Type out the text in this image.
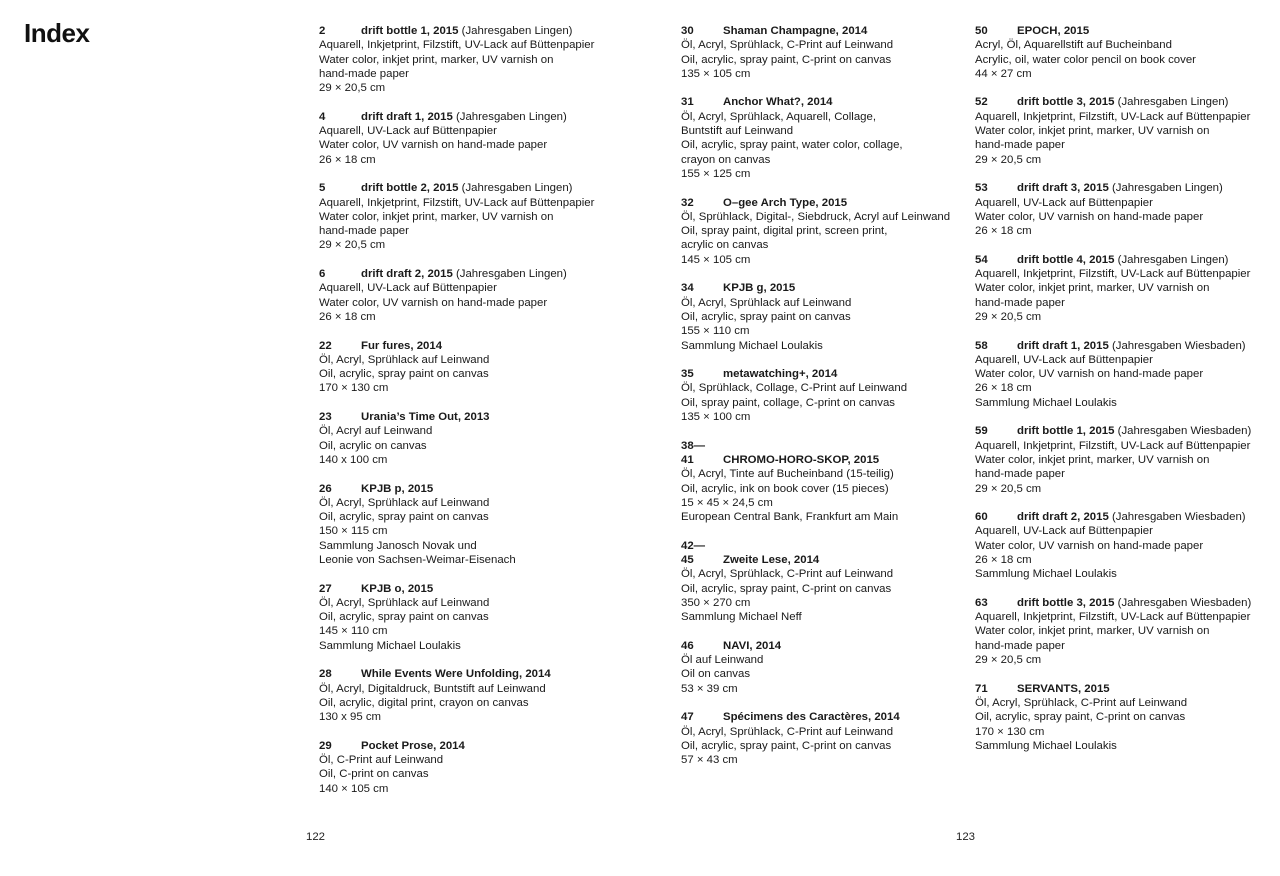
Index	2	drift bottle 1, 2015 (Jahresgaben Lingen)
Aquarell, Inkjetprint, Filzstift, UV-Lack auf Büttenpapier
Water color, inkjet print, marker, UV varnish on
hand-made paper
29 × 20,5 cm
4	drift draft 1, 2015 (Jahresgaben Lingen)
Aquarell, UV-Lack auf Büttenpapier
Water color, UV varnish on hand-made paper
26 × 18 cm
5	drift bottle 2, 2015 (Jahresgaben Lingen)
Aquarell, Inkjetprint, Filzstift, UV-Lack auf Büttenpapier
Water color, inkjet print, marker, UV varnish on
hand-made paper
29 × 20,5 cm
6	drift draft 2, 2015 (Jahresgaben Lingen)
Aquarell, UV-Lack auf Büttenpapier
Water color, UV varnish on hand-made paper
26 × 18 cm
22	Fur fures, 2014
Öl, Acryl, Sprühlack auf Leinwand
Oil, acrylic, spray paint on canvas
170 × 130 cm
23	Urania’s Time Out, 2013
Öl, Acryl auf Leinwand
Oil, acrylic on canvas
140 x 100 cm
26	KPJB p, 2015
Öl, Acryl, Sprühlack auf Leinwand
Oil, acrylic, spray paint on canvas
150 × 115 cm
Sammlung Janosch Novak und
Leonie von Sachsen-Weimar-Eisenach
27	KPJB o, 2015
Öl, Acryl, Sprühlack auf Leinwand
Oil, acrylic, spray paint on canvas
145 × 110 cm
Sammlung Michael Loulakis
28	While Events Were Unfolding, 2014
Öl, Acryl, Digitaldruck, Buntstift auf Leinwand
Oil, acrylic, digital print, crayon on canvas
130 x 95 cm
29	Pocket Prose, 2014
Öl, C-Print auf Leinwand
Oil, C-print on canvas
140 × 105 cm
30	Shaman Champagne, 2014
Öl, Acryl, Sprühlack, C-Print auf Leinwand
Oil, acrylic, spray paint, C-print on canvas
135 × 105 cm
31	Anchor What?, 2014
Öl, Acryl, Sprühlack, Aquarell, Collage,
Buntstift auf Leinwand
Oil, acrylic, spray paint, water color, collage,
crayon on canvas
155 × 125 cm
32	O–gee Arch Type, 2015
Öl, Sprühlack, Digital-, Siebdruck, Acryl auf Leinwand
Oil, spray paint, digital print, screen print,
acrylic on canvas
145 × 105 cm
34	KPJB g, 2015
Öl, Acryl, Sprühlack auf Leinwand
Oil, acrylic, spray paint on canvas
155 × 110 cm
Sammlung Michael Loulakis
35	metawatching+, 2014
Öl, Sprühlack, Collage, C-Print auf Leinwand
Oil, spray paint, collage, C-print on canvas
135 × 100 cm
38—
41	CHROMO-HORO-SKOP, 2015
Öl, Acryl, Tinte auf Bucheinband (15-teilig)
Oil, acrylic, ink on book cover (15 pieces)
15 × 45 × 24,5 cm
European Central Bank, Frankfurt am Main
42—
45	Zweite Lese, 2014
Öl, Acryl, Sprühlack, C-Print auf Leinwand
Oil, acrylic, spray paint, C-print on canvas
350 × 270 cm
Sammlung Michael Neff
46	NAVI, 2014
Öl auf Leinwand
Oil on canvas
53 × 39 cm
47	Spécimens des Caractères, 2014
Öl, Acryl, Sprühlack, C-Print auf Leinwand
Oil, acrylic, spray paint, C-print on canvas
57 × 43 cm
50	EPOCH, 2015
Acryl, Öl, Aquarellstift auf Bucheinband
Acrylic, oil, water color pencil on book cover
44 × 27 cm
52	drift bottle 3, 2015 (Jahresgaben Lingen)
Aquarell, Inkjetprint, Filzstift, UV-Lack auf Büttenpapier
Water color, inkjet print, marker, UV varnish on
hand-made paper
29 × 20,5 cm
53	drift draft 3, 2015 (Jahresgaben Lingen)
Aquarell, UV-Lack auf Büttenpapier
Water color, UV varnish on hand-made paper
26 × 18 cm
54	drift bottle 4, 2015 (Jahresgaben Lingen)
Aquarell, Inkjetprint, Filzstift, UV-Lack auf Büttenpapier
Water color, inkjet print, marker, UV varnish on
hand-made paper
29 × 20,5 cm
58	drift draft 1, 2015 (Jahresgaben Wiesbaden)
Aquarell, UV-Lack auf Büttenpapier
Water color, UV varnish on hand-made paper
26 × 18 cm
Sammlung Michael Loulakis
59	drift bottle 1, 2015 (Jahresgaben Wiesbaden)
Aquarell, Inkjetprint, Filzstift, UV-Lack auf Büttenpapier
Water color, inkjet print, marker, UV varnish on
hand-made paper
29 × 20,5 cm
60	drift draft 2, 2015 (Jahresgaben Wiesbaden)
Aquarell, UV-Lack auf Büttenpapier
Water color, UV varnish on hand-made paper
26 × 18 cm
Sammlung Michael Loulakis
63	drift bottle 3, 2015 (Jahresgaben Wiesbaden)
Aquarell, Inkjetprint, Filzstift, UV-Lack auf Büttenpapier
Water color, inkjet print, marker, UV varnish on
hand-made paper
29 × 20,5 cm
71	SERVANTS, 2015
Öl, Acryl, Sprühlack, C-Print auf Leinwand
Oil, acrylic, spray paint, C-print on canvas
170 × 130 cm
Sammlung Michael Loulakis
122	123
